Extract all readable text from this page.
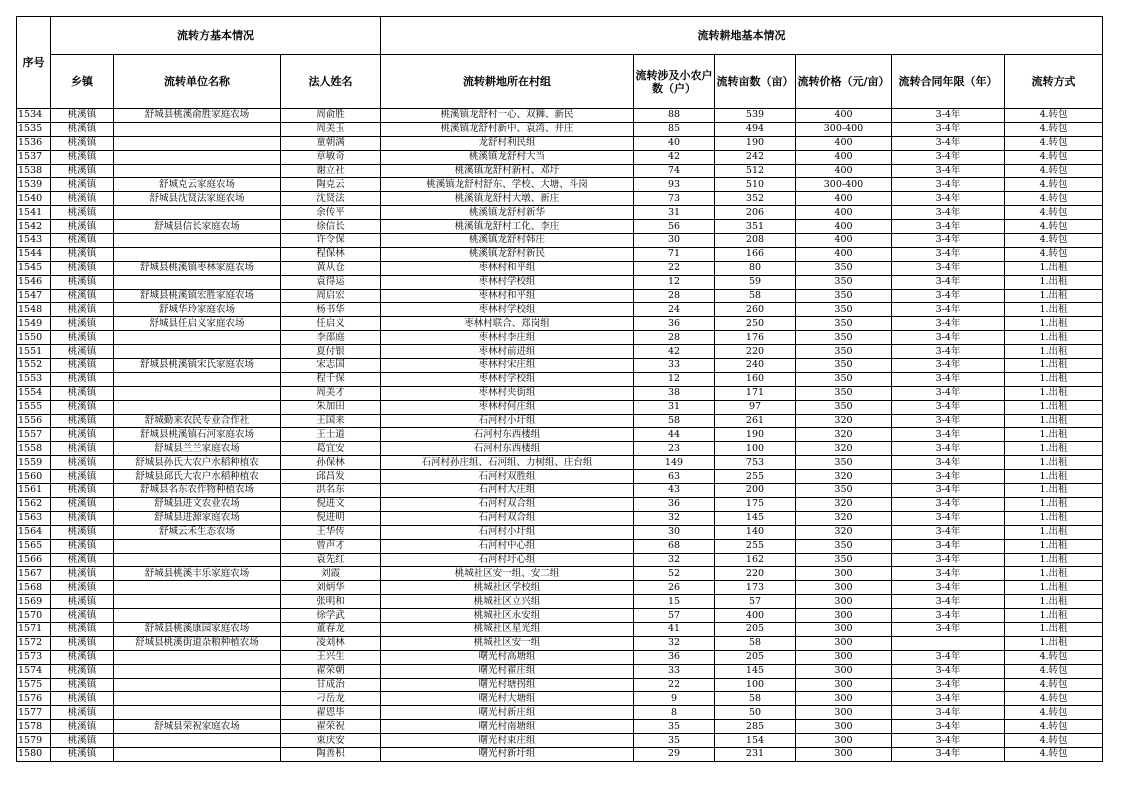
序号	流转方基本情况			流转耕地基本情况					
	乡镇	流转单位名称	法人姓名	流转耕地所在村组	流转涉及小农户数（户）	流转亩数（亩）	流转价格（元/亩）	流转合同年限（年）	流转方式
1534	桃溪镇	舒城县桃溪俞胜家庭农场	周俞胜	桃溪镇龙舒村一心、双狮、新民	88	539	400	3-4年	4.转包
1535	桃溪镇		周美玉	桃溪镇龙舒村新中、袁湾、井庄	85	494	300-400	3-4年	4.转包
1536	桃溪镇		童朝满	龙舒村利民组	40	190	400	3-4年	4.转包
1537	桃溪镇		章敏奇	桃溪镇龙舒村大当	42	242	400	3-4年	4.转包
1538	桃溪镇		谢立社	桃溪镇龙舒村新村、邓圩	74	512	400	3-4年	4.转包
1539	桃溪镇	舒城克云家庭农场	陶克云	桃溪镇龙舒村舒东、学校、大塘、斗岗	93	510	300-400	3-4年	4.转包
1540	桃溪镇	舒城县沈贤法家庭农场	沈贤法	桃溪镇龙舒村大墩、新庄	73	352	400	3-4年	4.转包
1541	桃溪镇		余传平	桃溪镇龙舒村新华	31	206	400	3-4年	4.转包
1542	桃溪镇	舒城县信长家庭农场	徐信长	桃溪镇龙舒村工化、李庄	56	351	400	3-4年	4.转包
1543	桃溪镇		许令保	桃溪镇龙舒村韩庄	30	208	400	3-4年	4.转包
1544	桃溪镇		程保林	桃溪镇龙舒村新民	71	166	400	3-4年	4.转包
1545	桃溪镇	舒城县桃溪镇枣林家庭农场	黄从仓	枣林村和平组	22	80	350	3-4年	1.出租
1546	桃溪镇		袁得运	枣林村学校组	12	59	350	3-4年	1.出租
1547	桃溪镇	舒城县桃溪镇宏胜家庭农场	周启宏	枣林村和平组	28	58	350	3-4年	1.出租
1548	桃溪镇	舒城华玲家庭农场	杨书华	枣林村学校组	24	260	350	3-4年	1.出租
1549	桃溪镇	舒城县任启义家庭农场	任启义	枣林村联合、郑岗组	36	250	350	3-4年	1.出租
1550	桃溪镇		李邵庭	枣林村李庄组	28	176	350	3-4年	1.出租
1551	桃溪镇		夏付银	枣林村前进组	42	220	350	3-4年	1.出租
1552	桃溪镇	舒城县桃溪镇宋氏家庭农场	宋志国	枣林村宋庄组	33	240	350	3-4年	1.出租
1553	桃溪镇		程千保	枣林村学校组	12	160	350	3-4年	1.出租
1554	桃溪镇		周美才	枣林村夹街组	38	171	350	3-4年	1.出租
1555	桃溪镇		朱加田	枣林村何庄组	31	97	350	3-4年	1.出租
1556	桃溪镇	舒城勤来农民专业合作社	王国来	石河村小圩组	58	261	320	3-4年	1.出租
1557	桃溪镇	舒城县桃溪镇石河家庭农场	王士道	石河村东西楼组	44	190	320	3-4年	1.出租
1558	桃溪镇	舒城县兰兰家庭农场	葛宜安	石河村东西楼组	23	100	320	3-4年	1.出租
1559	桃溪镇	舒城县孙氏大农户水稻种植农	孙保林	石河村孙庄组、石河组、力树组、庄台组	149	753	350	3-4年	1.出租
1560	桃溪镇	舒城县邱氏大农户水稻种植农	邱昌发	石河村双胜组	63	255	320	3-4年	1.出租
1561	桃溪镇	舒城县名东农作物种植农场	洪名东	石河村大庄组	43	200	350	3-4年	1.出租
1562	桃溪镇	舒城县进文农业农场	倪进文	石河村双合组	36	175	320	3-4年	1.出租
1563	桃溪镇	舒城县进源家庭农场	倪进明	石河村双合组	32	145	320	3-4年	1.出租
1564	桃溪镇	舒城云禾生态农场	王华传	石河村小圩组	30	140	320	3-4年	1.出租
1565	桃溪镇		曾声才	石河村中心组	68	255	350	3-4年	1.出租
1566	桃溪镇		袁先红	石河村圩心组	32	162	350	3-4年	1.出租
1567	桃溪镇	舒城县桃溪丰乐家庭农场	刘霞	桃城社区安一组、安二组	52	220	300	3-4年	1.出租
1568	桃溪镇		刘炳华	桃城社区学校组	26	173	300	3-4年	1.出租
1569	桃溪镇		张明和	桃城社区立兴组	15	57	300	3-4年	1.出租
1570	桃溪镇		徐学武	桃城社区永安组	57	400	300	3-4年	1.出租
1571	桃溪镇	舒城县桃溪康园家庭农场	董春龙	桃城社区星光组	41	205	300	3-4年	1.出租
1572	桃溪镇	舒城县桃溪街道杂粮种植农场	凌刘林	桃城社区安一组	32	58	300		1.出租
1573	桃溪镇		王兴生	曙光村高塘组	36	205	300	3-4年	4.转包
1574	桃溪镇		翟荣朝	曙光村翟庄组	33	145	300	3-4年	4.转包
1575	桃溪镇		甘成治	曙光村塘拐组	22	100	300	3-4年	4.转包
1576	桃溪镇		刁岳龙	曙光村大塘组	9	58	300	3-4年	4.转包
1577	桃溪镇		翟恩毕	曙光村新庄组	8	50	300	3-4年	4.转包
1578	桃溪镇	舒城县荣祝家庭农场	翟荣祝	曙光村南塘组	35	285	300	3-4年	4.转包
1579	桃溪镇		束庆安	曙光村束庄组	35	154	300	3-4年	4.转包
1580	桃溪镇		陶善积	曙光村新圩组	29	231	300	3-4年	4.转包
